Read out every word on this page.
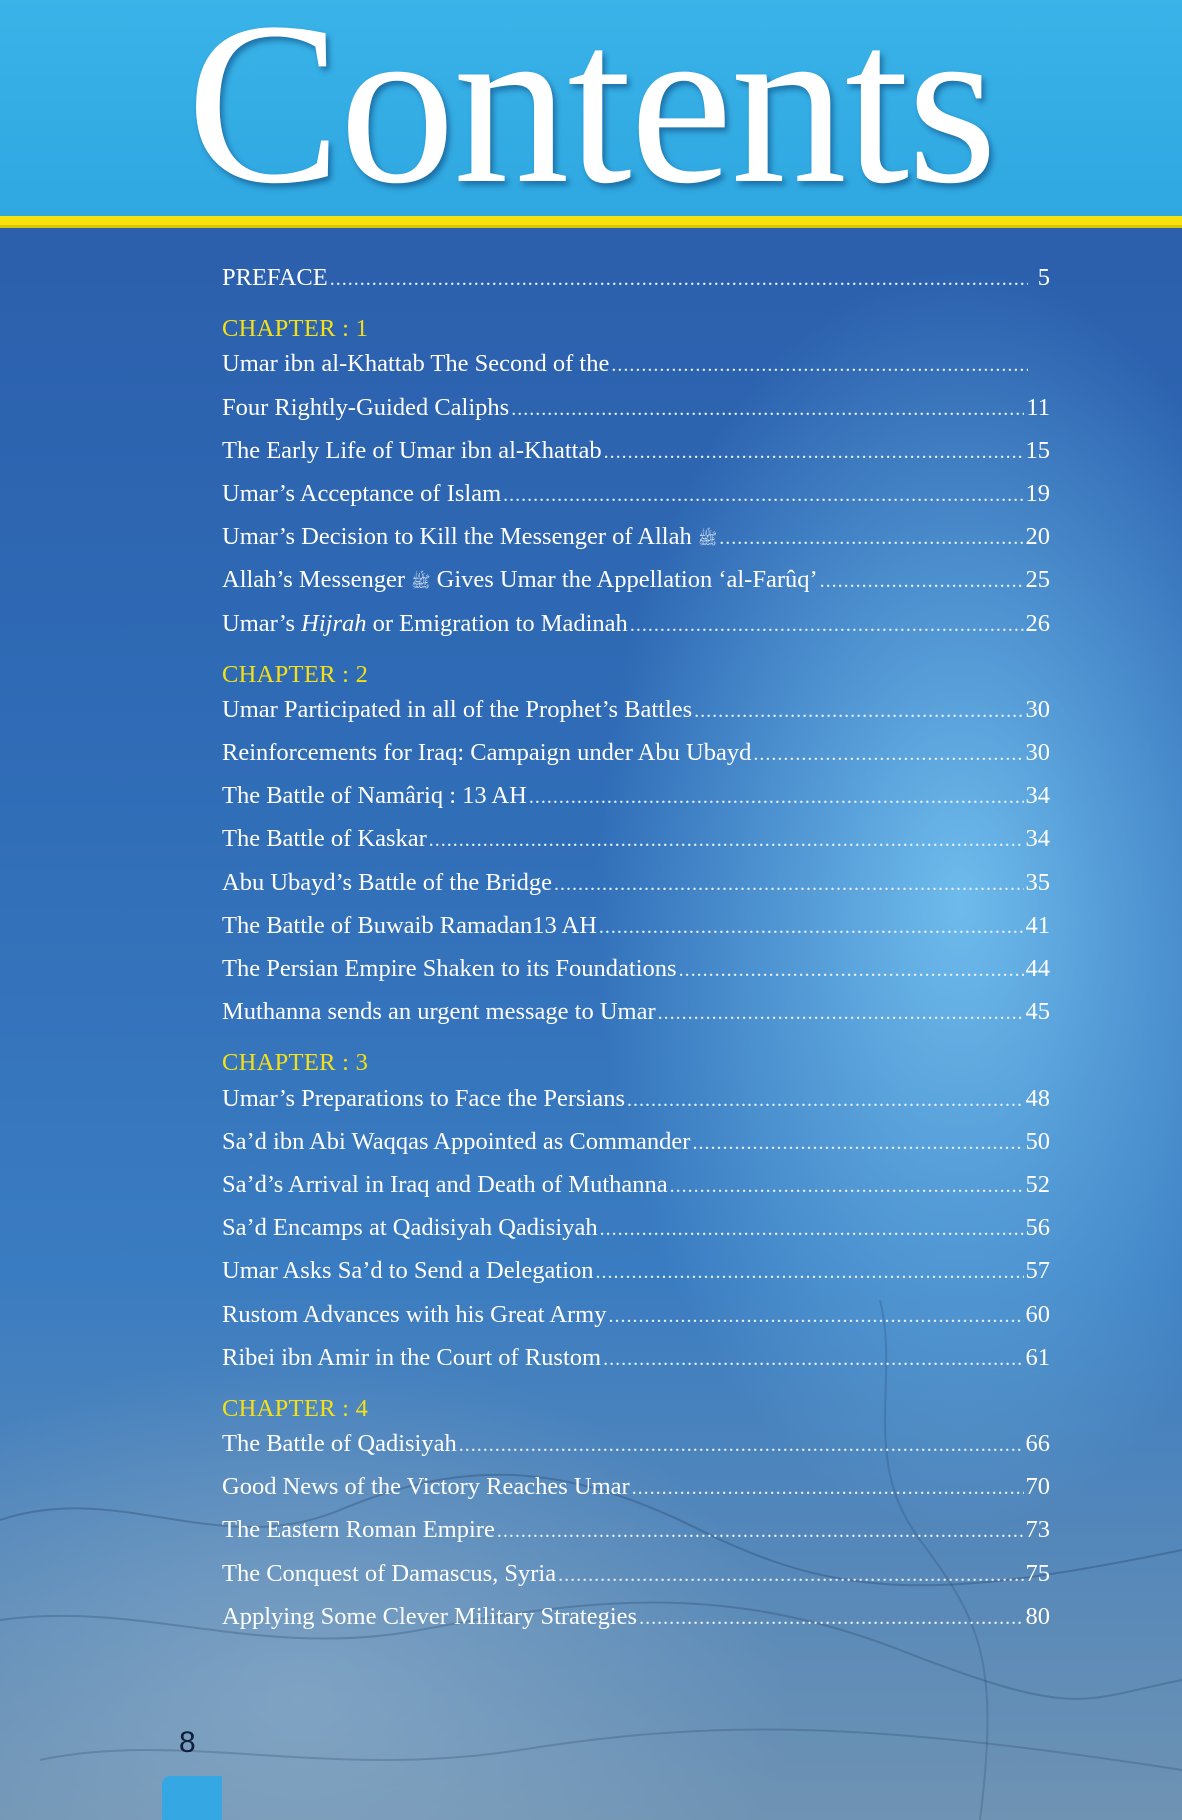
Contents
PREFACE . . .	5
CHAPTER : 1
Umar ibn al-Khattab The Second of the
. . .
Four Rightly-Guided Caliphs . . .	11
The Early Life of Umar ibn al-Khattab . . .	15
Umar’s Acceptance of Islam . . .	19
Umar’s Decision to Kill the Messenger of Allah ﷺ . . .	20
Allah’s Messenger ﷺ Gives Umar the Appellation ‘al-Farûq’ . . .	25
Umar’s Hijrah or Emigration to Madinah . . .	26
CHAPTER : 2
Umar Participated in all of the Prophet’s Battles . . .	30
Reinforcements for Iraq: Campaign under Abu Ubayd . . .	30
The Battle of Namâriq : 13 AH . . .	34
The Battle of Kaskar . . .	34
Abu Ubayd’s Battle of the Bridge . . .	35
The Battle of Buwaib Ramadan13 AH . . .	41
The Persian Empire Shaken to its Foundations . . .	44
Muthanna sends an urgent message to Umar . . .	45
CHAPTER : 3
Umar’s Preparations to Face the Persians . . .	48
Sa’d ibn Abi Waqqas Appointed as Commander . . .	50
Sa’d’s Arrival in Iraq and Death of Muthanna . . .	52
Sa’d Encamps at Qadisiyah Qadisiyah . . .	56
Umar Asks Sa’d to Send a Delegation . . .	57
Rustom Advances with his Great Army . . .	60
Ribei ibn Amir in the Court of Rustom . . .	61
CHAPTER : 4
The Battle of Qadisiyah . . .	66
Good News of the Victory Reaches Umar . . .	70
The Eastern Roman Empire . . .	73
The Conquest of Damascus, Syria . . .	75
Applying Some Clever Military Strategies . . .	80
8
